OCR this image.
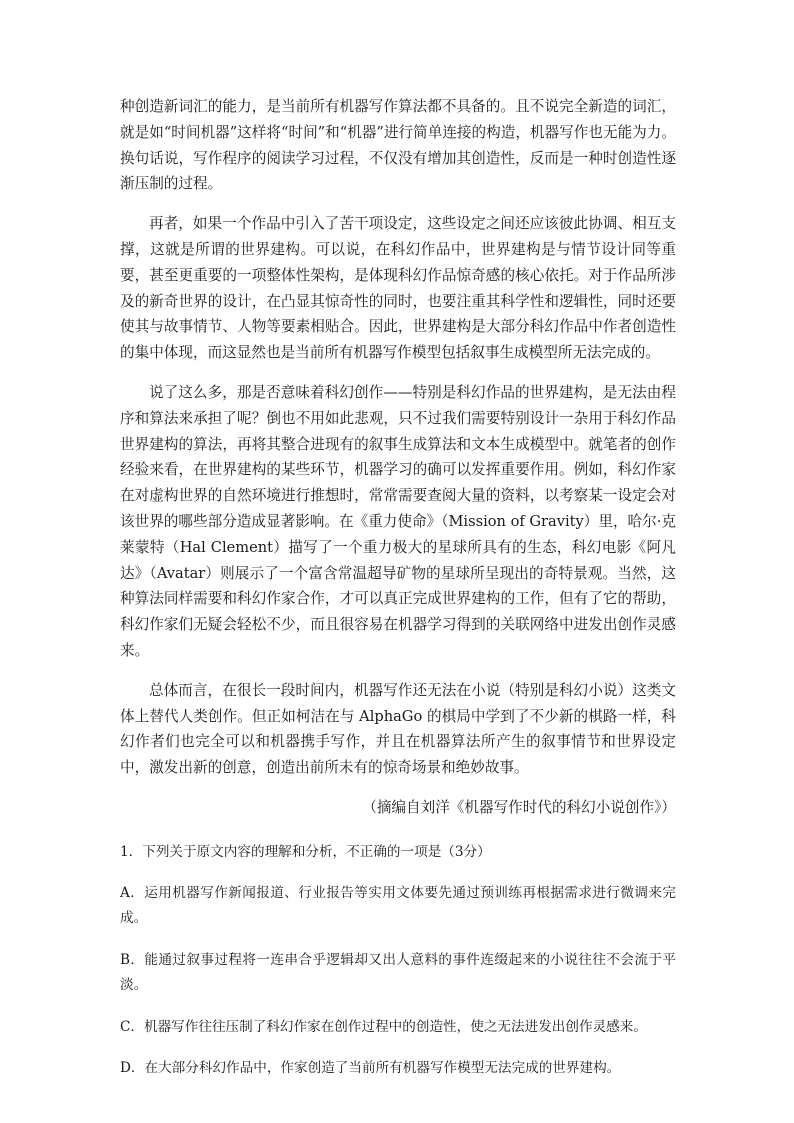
种创造新词汇的能力，是当前所有机器写作算法都不具备的。且不说完全新造的词汇，就是如“时间机器”这样将“时间”和“机器”进行简单连接的构造，机器写作也无能为力。换句话说，写作程序的阅读学习过程，不仅没有增加其创造性，反而是一种时创造性逐渐压制的过程。

再者，如果一个作品中引入了苦干项设定，这些设定之间还应该彼此协调、相互支撑，这就是所谓的世界建构。可以说，在科幻作品中，世界建构是与情节设计同等重要，甚至更重要的一项整体性架构，是体现科幻作品惊奇感的核心依托。对于作品所涉及的新奇世界的设计，在凸显其惊奇性的同时，也要注重其科学性和逻辑性，同时还要使其与故事情节、人物等要素相贴合。因此，世界建构是大部分科幻作品中作者创造性的集中体现，而这显然也是当前所有机器写作模型包括叙事生成模型所无法完成的。

说了这么多，那是否意味着科幻创作——特别是科幻作品的世界建构，是无法由程序和算法来承担了呢？倒也不用如此悲观，只不过我们需要特别设计一杂用于科幻作品世界建构的算法，再将其整合进现有的叙事生成算法和文本生成模型中。就笔者的创作经验来看，在世界建构的某些环节，机器学习的确可以发挥重要作用。例如，科幻作家在对虚构世界的自然环境进行推想时，常常需要查阅大量的资料，以考察某一设定会对该世界的哪些部分造成显著影响。在《重力使命》（Mission of Gravity）里，哈尔·克莱蒙特（Hal Clement）描写了一个重力极大的星球所具有的生态，科幻电影《阿凡达》（Avatar）则展示了一个富含常温超导矿物的星球所呈现出的奇特景观。当然，这种算法同样需要和科幻作家合作，才可以真正完成世界建构的工作，但有了它的帮助，科幻作家们无疑会轻松不少，而且很容易在机器学习得到的关联网络中进发出创作灵感来。

总体而言，在很长一段时间内，机器写作还无法在小说（特别是科幻小说）这类文体上替代人类创作。但正如柯洁在与 AlphaGo 的棋局中学到了不少新的棋路一样，科幻作者们也完全可以和机器携手写作，并且在机器算法所产生的叙事情节和世界设定中，激发出新的创意，创造出前所未有的惊奇场景和绝妙故事。

（摘编自刘洋《机器写作时代的科幻小说创作》）

1．下列关于原文内容的理解和分析，不正确的一项是（3分）

A．运用机器写作新闻报道、行业报告等实用文体要先通过预训练再根据需求进行微调来完成。

B．能通过叙事过程将一连串合乎逻辑却又出人意料的事件连缀起来的小说往往不会流于平淡。

C．机器写作往往压制了科幻作家在创作过程中的创造性，使之无法进发出创作灵感来。

D．在大部分科幻作品中，作家创造了当前所有机器写作模型无法完成的世界建构。
